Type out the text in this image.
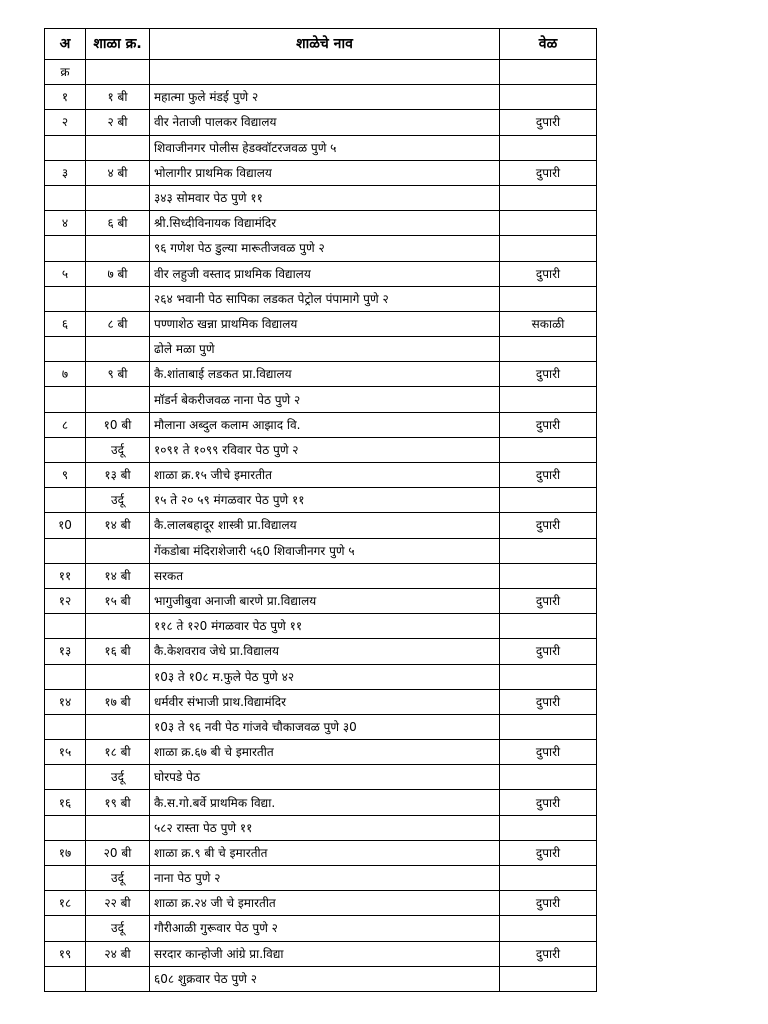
अ	शाळा क्र.	शाळेचे नाव	वेळ
क्र			
१	१ बी	महात्मा फुले मंडई पुणे २	
२	२ बी	वीर नेताजी पालकर विद्यालय	दुपारी
		शिवाजीनगर पोलीस हेडक्वॉटरजवळ पुणे ५	
३	४ बी	भोलागीर प्राथमिक विद्यालय	दुपारी
		३४३ सोमवार पेठ पुणे ११	
४	६ बी	श्री.सिध्दीविनायक विद्यामंदिर	
		९६ गणेश पेठ डुल्या मारूतीजवळ पुणे २	
५	७ बी	वीर लहुजी वस्ताद प्राथमिक विद्यालय	दुपारी
		२६४ भवानी पेठ सापिका लडकत पेट्रोल पंपामागे पुणे २	
६	८ बी	पण्णाशेठ खन्ना प्राथमिक विद्यालय	सकाळी
		ढोले मळा पुणे	
७	९ बी	कै.शांताबाई लडकत प्रा.विद्यालय	दुपारी
		मॉडर्न बेकरीजवळ नाना पेठ पुणे २	
८	१0 बी	मौलाना अब्दुल कलाम आझाद वि.	दुपारी
	उर्दू	१०९१ ते १०९९ रविवार पेठ पुणे २	
९	१३ बी	शाळा क्र.१५ जीचे इमारतीत	दुपारी
	उर्दू	१५ ते २० ५९ मंगळवार पेठ पुणे ११	
१0	१४ बी	कै.लालबहादूर शास्त्री प्रा.विद्यालय	दुपारी
		गेंकडोबा मंदिराशेजारी ५६0 शिवाजीनगर पुणे ५	
११	१४ बी	सरकत	
१२	१५ बी	भागुजीबुवा अनाजी बारणे प्रा.विद्यालय	दुपारी
		११८ ते १२0 मंगळवार पेठ पुणे ११	
१३	१६ बी	कै.केशवराव जेधे प्रा.विद्यालय	दुपारी
		१0३ ते १0८ म.फुले पेठ पुणे ४२	
१४	१७ बी	धर्मवीर संभाजी प्राथ.विद्यामंदिर	दुपारी
		१0३ ते ९६ नवी पेठ गांजवे चौकाजवळ पुणे ३0	
१५	१८ बी	शाळा क्र.६७ बी चे इमारतीत	दुपारी
	उर्दू	घोरपडे पेठ	
१६	१९ बी	कै.स.गो.बर्वे प्राथमिक विद्या.	दुपारी
		५८२ रास्ता पेठ पुणे ११	
१७	२0 बी	शाळा क्र.९ बी चे इमारतीत	दुपारी
	उर्दू	नाना पेठ पुणे २	
१८	२२ बी	शाळा क्र.२४ जी चे इमारतीत	दुपारी
	उर्दू	गौरीआळी गुरूवार पेठ पुणे २	
१९	२४ बी	सरदार कान्होजी आंग्रे प्रा.विद्या	दुपारी
		६0८ शुक्रवार पेठ पुणे २	
